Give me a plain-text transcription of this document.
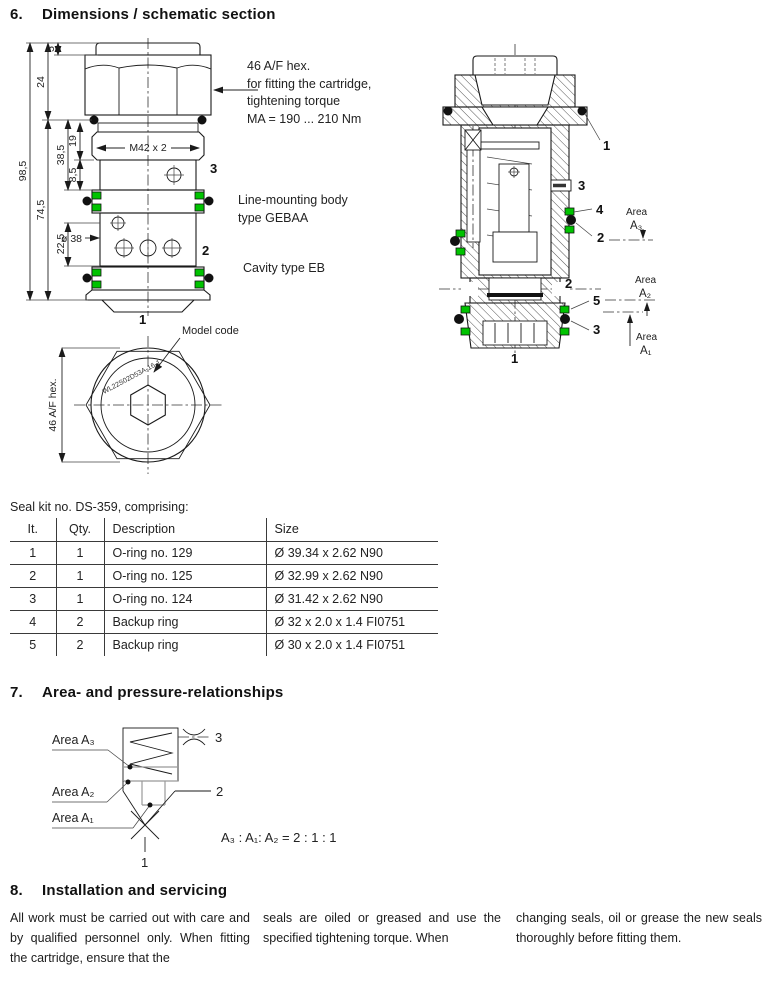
6.	Dimensions / schematic section
98,5
24
74,5
5
38,5
19
8,5
22,5
M42 x 2
ø 38
3
2
1
46 A/F hex.
for fitting the cartridge,
tightening torque
MA = 190 ... 210 Nm
Line-mounting body
type GEBAA
Cavity type EB
WL22S02D53A-16-1
Model code
46 A/F hex.
1
3
4
2
2
5
3
1
Area
A₃
Area
A₂
Area
A₁
Seal kit no. DS-359, comprising:
It.	Qty.	Description	Size
1	1	O-ring no. 129	Ø 39.34 x 2.62 N90
2	1	O-ring no. 125	Ø 32.99 x 2.62 N90
3	1	O-ring no. 124	Ø 31.42 x 2.62 N90
4	2	Backup ring	Ø 32 x 2.0 x 1.4 FI0751
5	2	Backup ring	Ø 30 x 2.0 x 1.4 FI0751
7.	Area- and pressure-relationships
Area A₃
Area A₂
Area A₁
3
2
1
A₃ : A₁: A₂ = 2 : 1 : 1
8.	Installation and servicing
All work must be carried out with care and by qualified personnel only. When fitting the cartridge, ensure that the
seals are oiled or greased and use the specified tightening torque. When
changing seals, oil or grease the new seals thoroughly before fitting them.
